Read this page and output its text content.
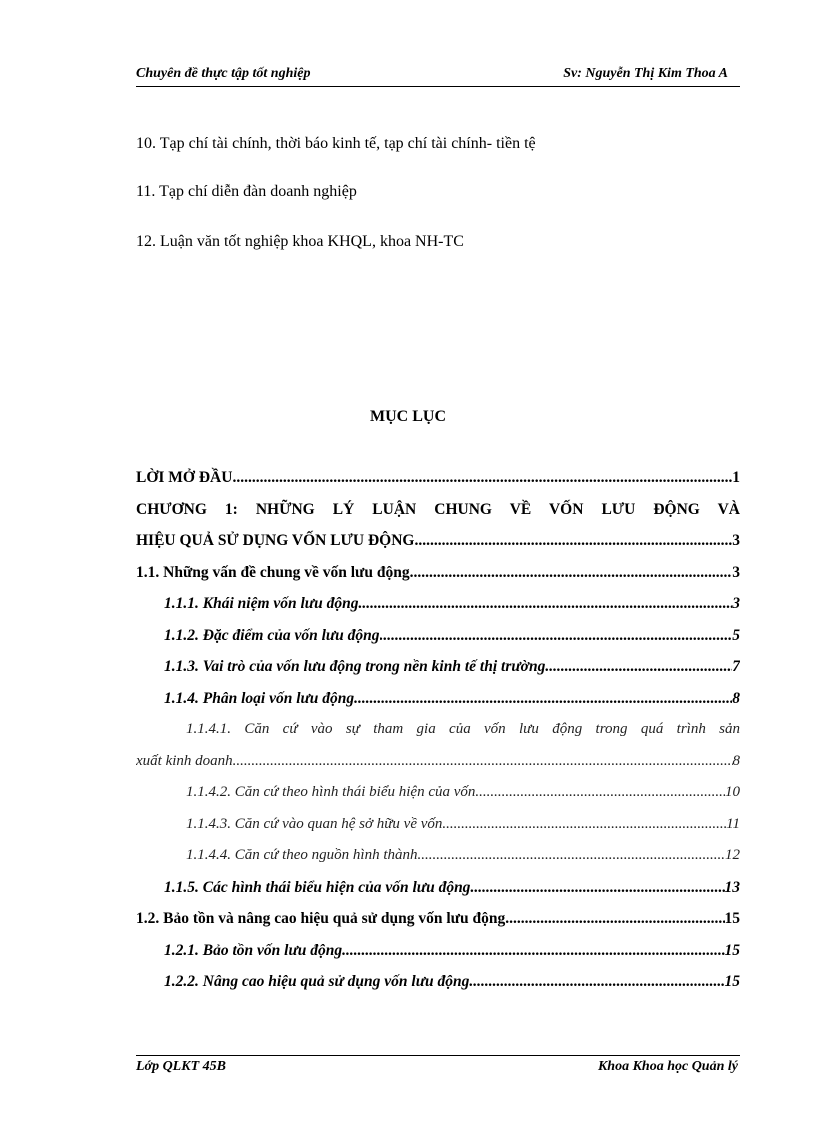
Chuyên đề thực tập tốt nghiệp	Sv: Nguyễn Thị Kim Thoa A
10. Tạp chí tài chính, thời báo kinh tế, tạp chí tài chính- tiền tệ
11. Tạp chí diễn đàn doanh nghiệp
12. Luận văn tốt nghiệp khoa KHQL, khoa NH-TC
MỤC LỤC
LỜI MỞ ĐẦU .....	1
CHƯƠNG 1: NHỮNG LÝ LUẬN CHUNG VỀ VỐN LƯU ĐỘNG VÀ
HIỆU QUẢ SỬ DỤNG VỐN LƯU ĐỘNG .....	3
1.1. Những vấn đề chung về vốn lưu động .....	3
1.1.1. Khái niệm vốn lưu động .....	3
1.1.2. Đặc điểm của vốn lưu động .....	5
1.1.3. Vai trò của vốn lưu động trong nền kinh tế thị trường .....	7
1.1.4. Phân loại vốn lưu động .....	8
1.1.4.1. Căn cứ vào sự tham gia của vốn lưu động trong quá trình sản
xuất kinh doanh .....	8
1.1.4.2. Căn cứ theo hình thái biểu hiện của vốn .....	10
1.1.4.3. Căn cứ vào quan hệ sở hữu về vốn .....	11
1.1.4.4. Căn cứ theo nguồn hình thành .....	12
1.1.5. Các hình thái biểu hiện của vốn lưu động .....	13
1.2. Bảo tồn và nâng cao hiệu quả sử dụng vốn lưu động .....	15
1.2.1. Bảo tồn vốn lưu động .....	15
1.2.2. Nâng cao hiệu quả sử dụng vốn lưu động .....	15
Lớp QLKT 45B	Khoa Khoa học Quản lý
